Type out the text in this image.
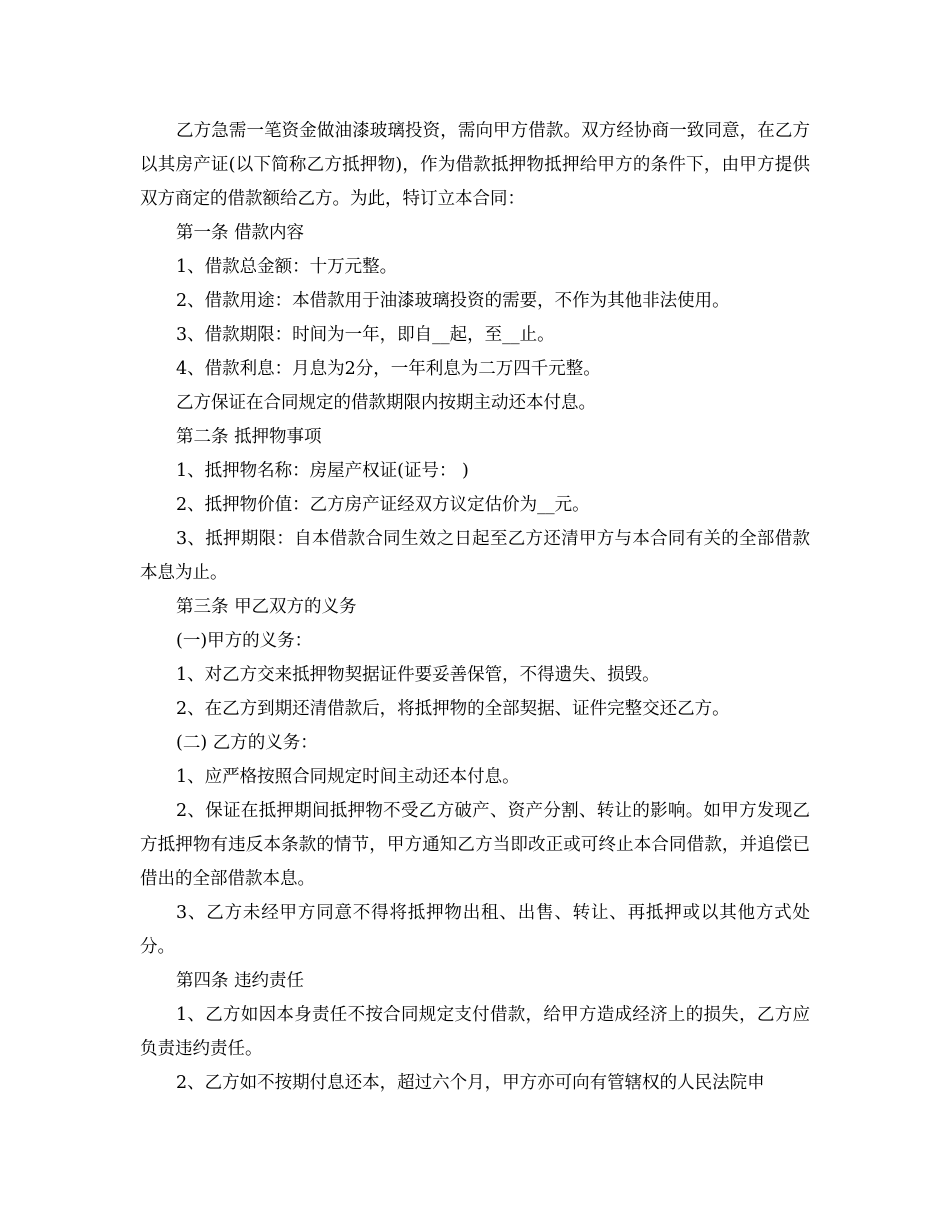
乙方急需一笔资金做油漆玻璃投资，需向甲方借款。双方经协商一致同意，在乙方以其房产证(以下简称乙方抵押物)，作为借款抵押物抵押给甲方的条件下，由甲方提供双方商定的借款额给乙方。为此，特订立本合同：

第一条 借款内容

1、借款总金额：十万元整。

2、借款用途：本借款用于油漆玻璃投资的需要，不作为其他非法使用。

3、借款期限：时间为一年，即自__起，至__止。

4、借款利息：月息为2分，一年利息为二万四千元整。

乙方保证在合同规定的借款期限内按期主动还本付息。

第二条 抵押物事项

1、抵押物名称：房屋产权证(证号： )

2、抵押物价值：乙方房产证经双方议定估价为__元。

3、抵押期限：自本借款合同生效之日起至乙方还清甲方与本合同有关的全部借款本息为止。

第三条 甲乙双方的义务

(一)甲方的义务：

1、对乙方交来抵押物契据证件要妥善保管，不得遗失、损毁。

2、在乙方到期还清借款后，将抵押物的全部契据、证件完整交还乙方。

(二) 乙方的义务：

1、应严格按照合同规定时间主动还本付息。

2、保证在抵押期间抵押物不受乙方破产、资产分割、转让的影响。如甲方发现乙方抵押物有违反本条款的情节，甲方通知乙方当即改正或可终止本合同借款，并追偿已借出的全部借款本息。

3、乙方未经甲方同意不得将抵押物出租、出售、转让、再抵押或以其他方式处分。

第四条 违约责任

1、乙方如因本身责任不按合同规定支付借款，给甲方造成经济上的损失，乙方应负责违约责任。

2、乙方如不按期付息还本，超过六个月，甲方亦可向有管辖权的人民法院申
